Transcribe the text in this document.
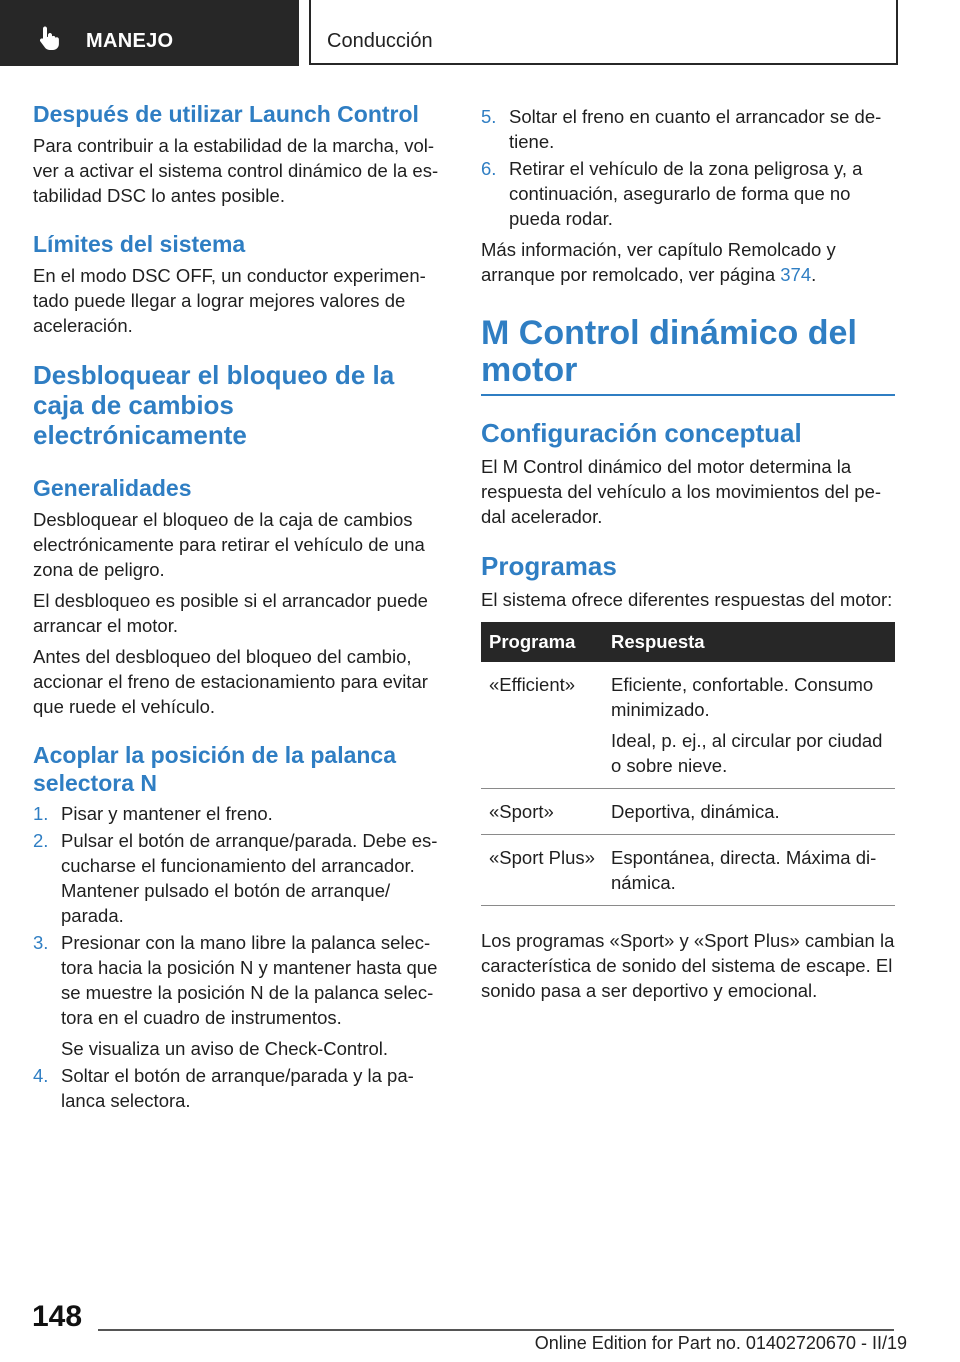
MANEJO	Conducción
Después de utilizar Launch Control

Para contribuir a la estabilidad de la marcha, volver a activar el sistema control dinámico de la estabilidad DSC lo antes posible.

Límites del sistema

En el modo DSC OFF, un conductor experimentado puede llegar a lograr mejores valores de aceleración.

Desbloquear el bloqueo de la caja de cambios electrónicamente
Generalidades

Desbloquear el bloqueo de la caja de cambios electrónicamente para retirar el vehículo de una zona de peligro.

El desbloqueo es posible si el arrancador puede arrancar el motor.

Antes del desbloqueo del bloqueo del cambio, accionar el freno de estacionamiento para evitar que ruede el vehículo.

Acoplar la posición de la palanca selectora N
1. Pisar y mantener el freno.

2. Pulsar el botón de arranque/parada. Debe escucharse el funcionamiento del arrancador. Mantener pulsado el botón de arranque/ parada.

3. Presionar con la mano libre la palanca selectora hacia la posición N y mantener hasta que se muestre la posición N de la palanca selectora en el cuadro de instrumentos.

Se visualiza un aviso de Check-Control.

4. Soltar el botón de arranque/parada y la palanca selectora.

5. Soltar el freno en cuanto el arrancador se detiene.

6. Retirar el vehículo de la zona peligrosa y, a continuación, asegurarlo de forma que no pueda rodar.

Más información, ver capítulo Remolcado y arranque por remolcado, ver página 374.

M Control dinámico del motor
Configuración conceptual

El M Control dinámico del motor determina la respuesta del vehículo a los movimientos del pedal acelerador.

Programas

El sistema ofrece diferentes respuestas del motor:

Programa	Respuesta
«Efficient»	Eficiente, confortable. Consumo minimizado.
Ideal, p. ej., al circular por ciudad o sobre nieve.

«Sport»	Deportiva, dinámica.
«Sport Plus»	Espontánea, directa. Máxima dinámica.

Los programas «Sport» y «Sport Plus» cambian la característica de sonido del sistema de escape. El sonido pasa a ser deportivo y emocional.

148
Online Edition for Part no. 01402720670 - II/19
